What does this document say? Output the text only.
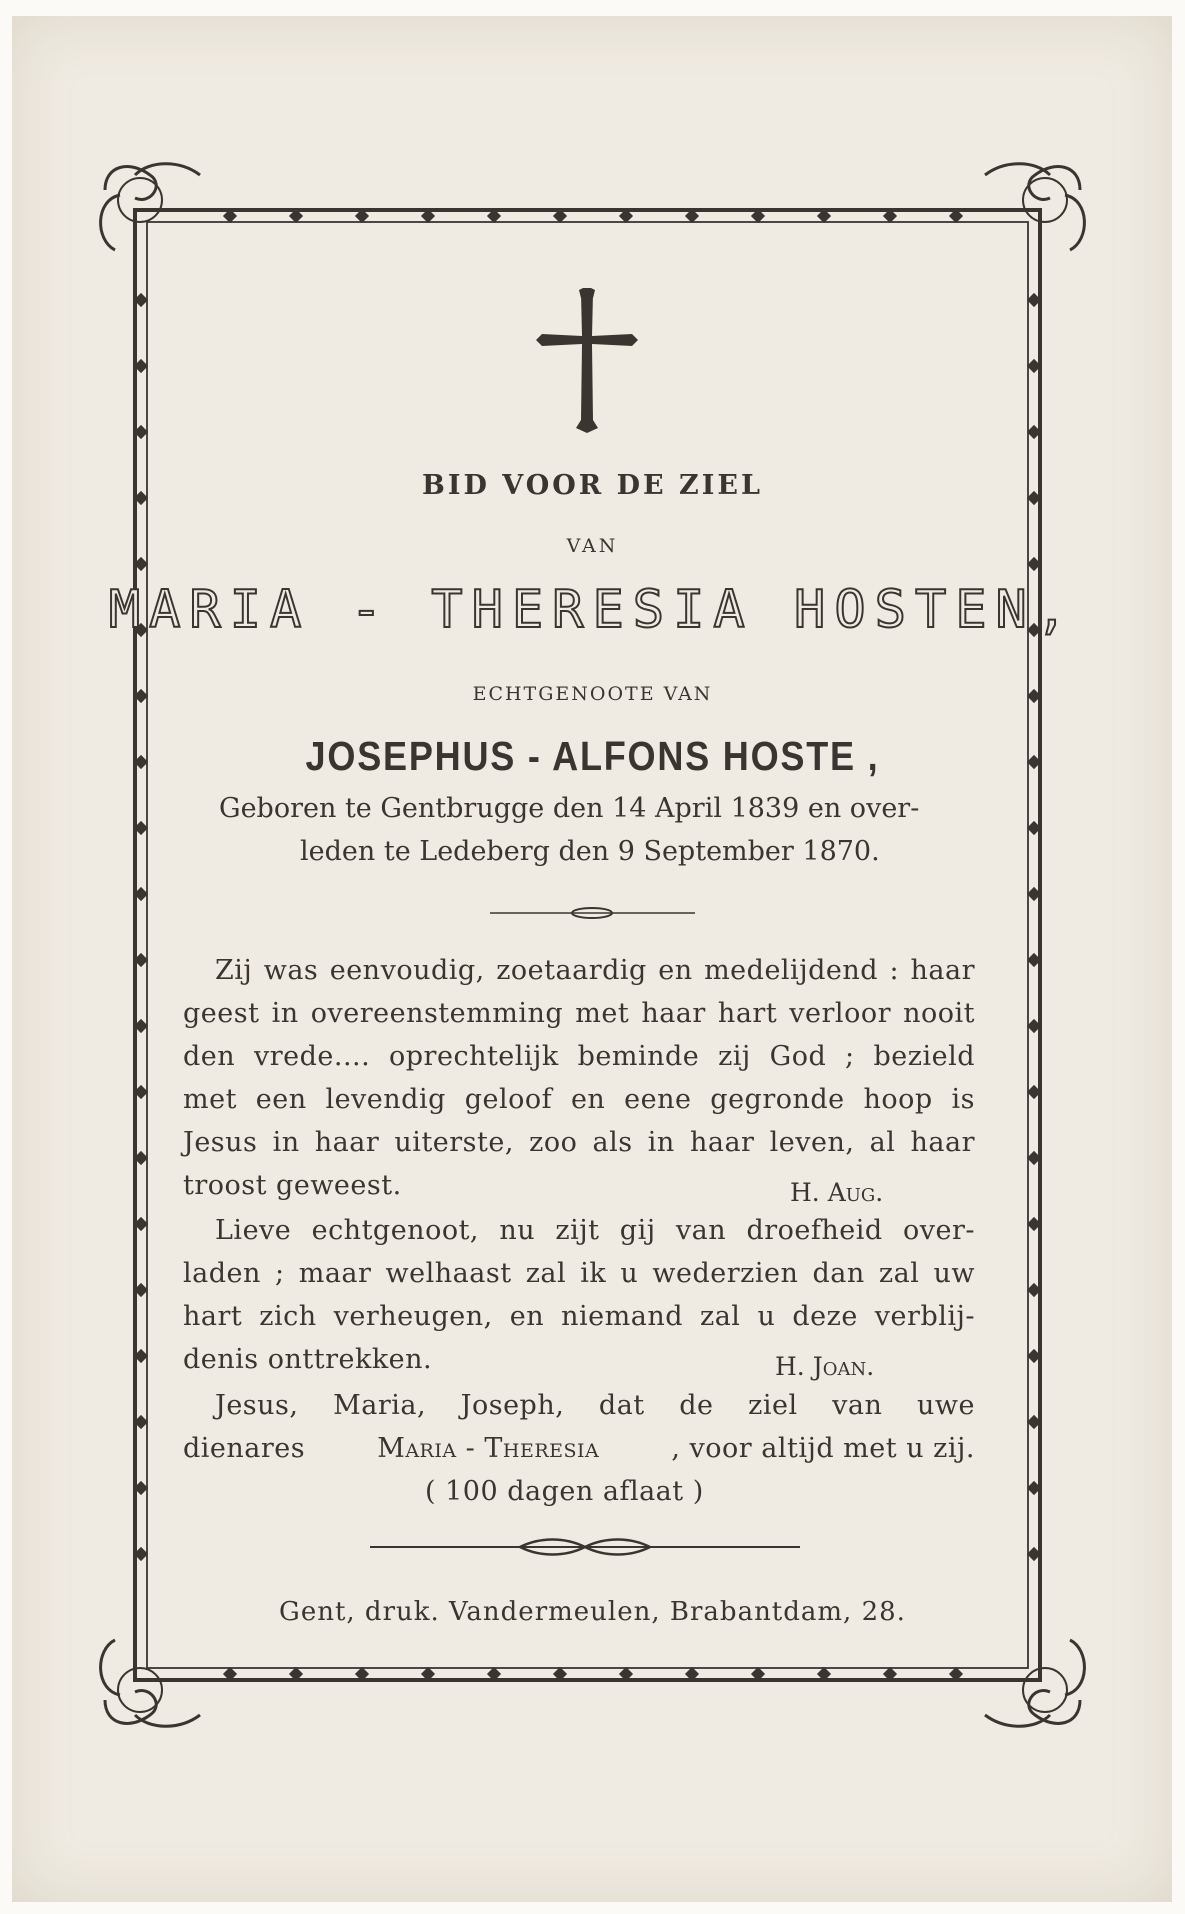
BID VOOR DE ZIEL
VAN
MARIA - THERESIA HOSTEN,
ECHTGENOOTE VAN
JOSEPHUS - ALFONS HOSTE ,
Geboren te Gentbrugge den 14 April 1839 en over-
leden te Ledeberg den 9 September 1870.
Zij was eenvoudig, zoetaardig en medelijdend : haar
geest in overeenstemming met haar hart verloor nooit
den vrede.... oprechtelijk beminde zij God ; bezield
met een levendig geloof en eene gegronde hoop is
Jesus in haar uiterste, zoo als in haar leven, al haar
troost geweest.	H. Aug.
Lieve echtgenoot, nu zijt gij van droefheid over-
laden ; maar welhaast zal ik u wederzien dan zal uw
hart zich verheugen, en niemand zal u deze verblij-
denis onttrekken.	H. Joan.
Jesus, Maria, Joseph, dat de ziel van uwe
dienares	Maria - Theresia	, voor altijd met u zij.
( 100 dagen aflaat )
Gent, druk. Vandermeulen, Brabantdam, 28.
